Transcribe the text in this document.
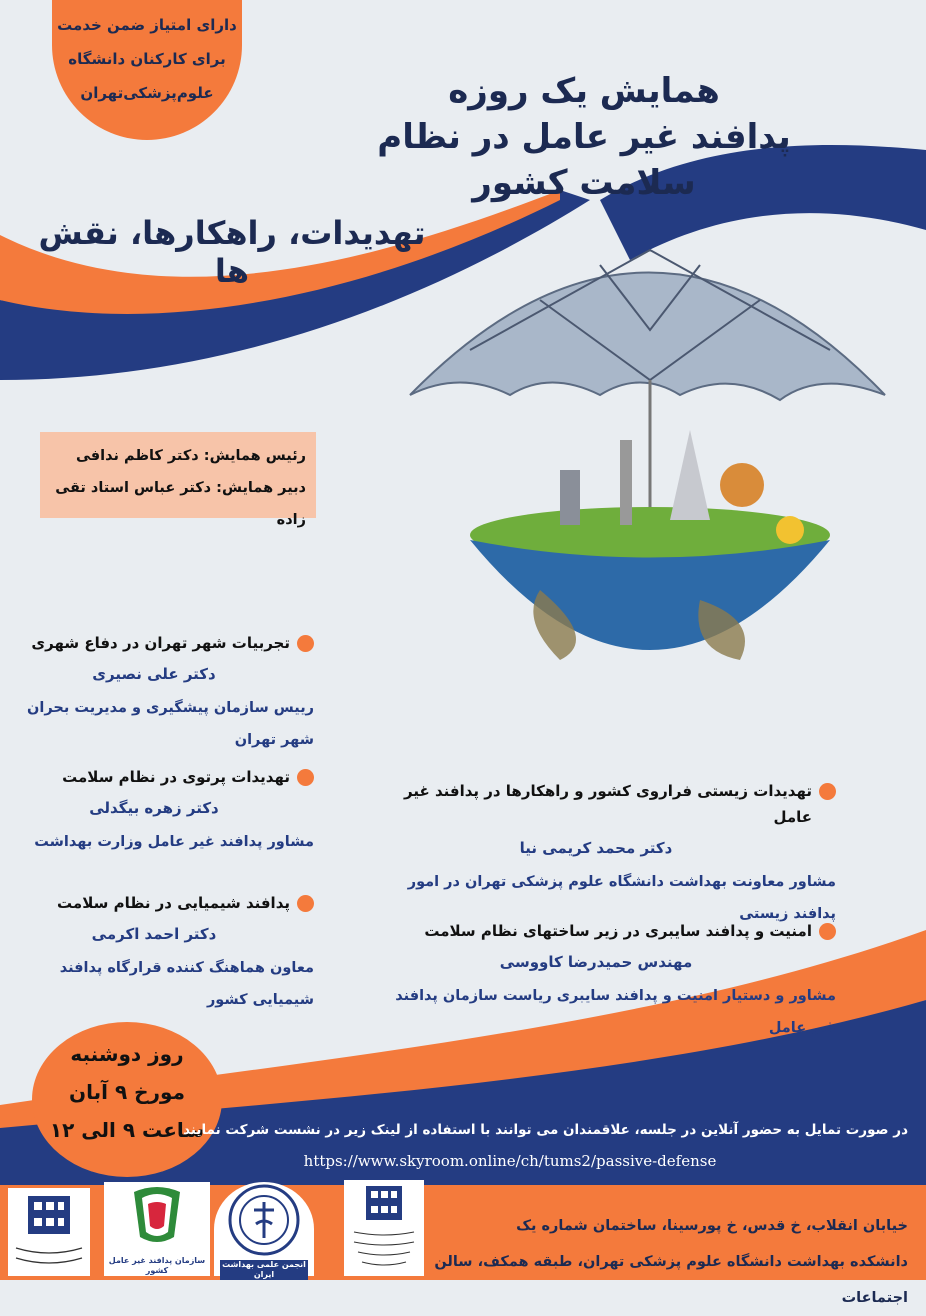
دارای امتیاز ضمن خدمت
برای کارکنان دانشگاه
علوم‌پزشکی‌تهران	همایش یک روزه
پدافند غیر عامل در نظام سلامت کشور
تهدیدات، راهکارها، نقش ها
رئیس همایش: دکتر کاظم ندافی
دبیر همایش: دکتر عباس استاد تقی زاده
تجربیات شهر تهران در دفاع شهری
دکتر علی نصیری
رییس سازمان پیشگیری و مدیریت بحران شهر تهران
تهدیدات پرتوی در نظام سلامت
دکتر زهره بیگدلی
مشاور پدافند غیر عامل وزارت بهداشت
پدافند شیمیایی در نظام سلامت
دکتر احمد اکرمی
معاون هماهنگ کننده قرارگاه پدافند شیمیایی کشور
تهدیدات زیستی فراروی کشور و راهکارها در پدافند غیر عامل
دکتر محمد کریمی نیا
مشاور معاونت بهداشت دانشگاه علوم پزشکی تهران در امور پدافند زیستی
امنیت و پدافند سایبری در زیر ساختهای نظام سلامت
مهندس حمیدرضا کاووسی
مشاور و دستیار امنیت و پدافند سایبری ریاست سازمان پدافند غیر عامل
روز دوشنبه
مورخ ۹ آبان
ساعت ۹ الی ۱۲
در صورت تمایل به حضور آنلاین در جلسه، علاقمندان می توانند با استفاده از لینک زیر در نشست شرکت نمایند
https://www.skyroom.online/ch/tums2/passive-defense
خیابان انقلاب، خ قدس، خ پورسینا، ساختمان شماره یک
دانشکده بهداشت دانشگاه علوم پزشکی تهران، طبقه همکف، سالن اجتماعات
سازمان پدافند غیر عامل کشور
انجمن علمی بهداشت ایران
